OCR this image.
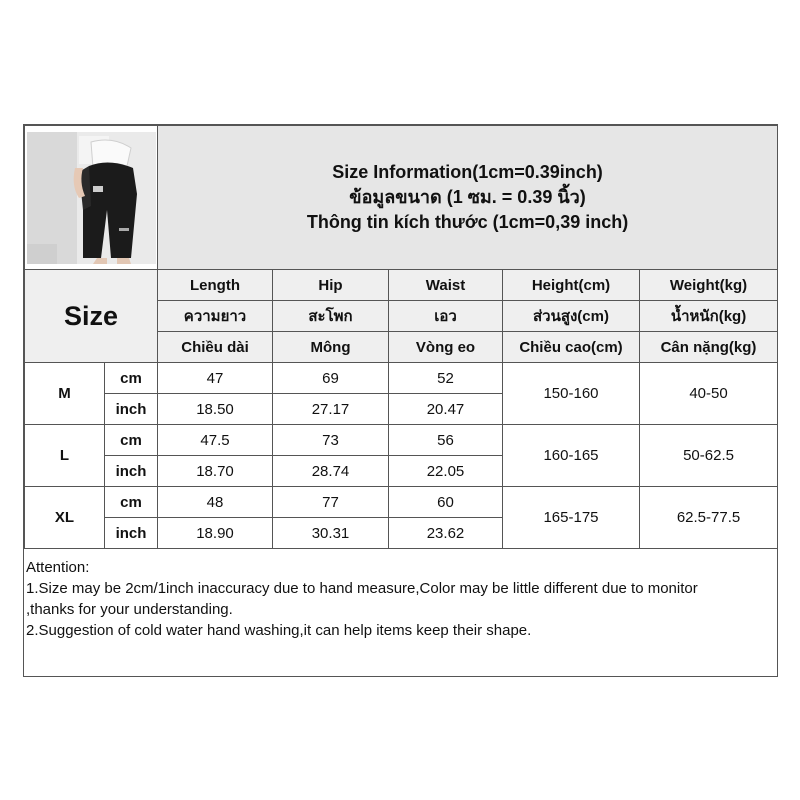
Size Information(1cm=0.39inch)
ข้อมูลขนาด (1 ซม. = 0.39 นิ้ว)
Thông tin kích thước (1cm=0,39 inch)				

Size		Length	Hip	Waist	Height(cm)	Weight(kg)
		ความยาว	สะโพก	เอว	ส่วนสูง(cm)	น้ำหนัก(kg)
		Chiều dài	Mông	Vòng eo	Chiều cao(cm)	Cân nặng(kg)
M	cm	47	69	52	150-160	40-50
	inch	18.50	27.17	20.47		
L	cm	47.5	73	56	160-165	50-62.5
	inch	18.70	28.74	22.05		
XL	cm	48	77	60	165-175	62.5-77.5
	inch	18.90	30.31	23.62		
Attention:
1.Size may be 2cm/1inch inaccuracy due to hand measure,Color may be little different due to monitor
,thanks for your understanding.
2.Suggestion of cold water hand washing,it can help items keep their shape.
